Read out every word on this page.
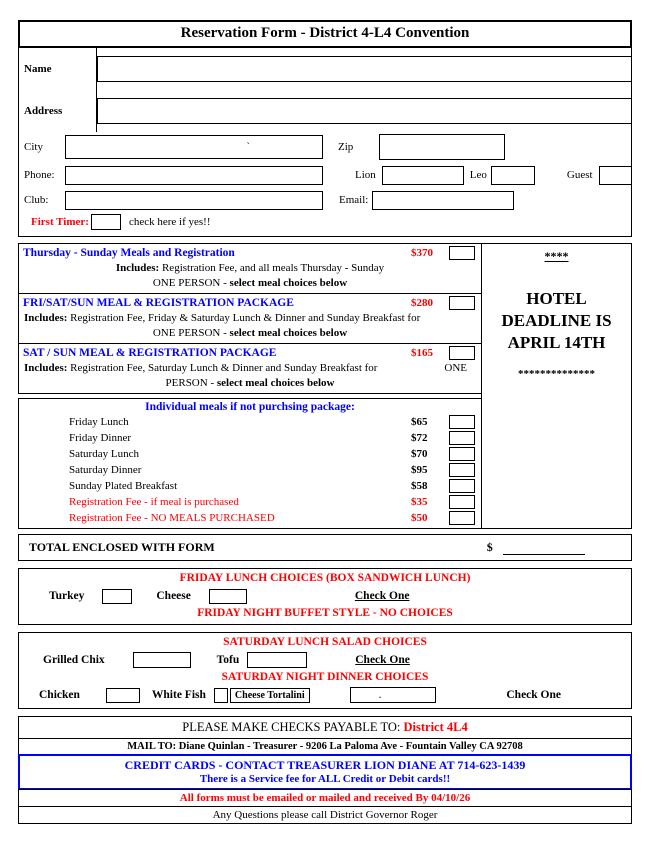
Reservation Form - District 4-L4 Convention
Name
Address
City	`	Zip
Phone:	Lion	Leo	Guest
Club:	Email:
First Timer:	check here if yes!!
Thursday - Sunday Meals and Registration	$370
Includes: Registration Fee, and all meals Thursday - Sunday
ONE PERSON - select meal choices below
FRI/SAT/SUN MEAL & REGISTRATION PACKAGE	$280
Includes: Registration Fee, Friday & Saturday Lunch & Dinner and Sunday Breakfast for
ONE PERSON - select meal choices below
SAT / SUN MEAL & REGISTRATION PACKAGE	$165
Includes: Registration Fee, Saturday Lunch & Dinner and Sunday Breakfast for	ONE
PERSON - select meal choices below
Individual meals if not purchsing package:
Friday Lunch	$65
Friday Dinner	$72
Saturday Lunch	$70
Saturday Dinner	$95
Sunday Plated Breakfast	$58
Registration Fee - if meal is purchased	$35
Registration Fee - NO MEALS PURCHASED	$50
****
HOTEL
DEADLINE IS
APRIL 14TH
**************
TOTAL ENCLOSED WITH FORM	$
FRIDAY LUNCH CHOICES (BOX SANDWICH LUNCH)
Turkey	Cheese	Check One
FRIDAY NIGHT BUFFET STYLE - NO CHOICES
SATURDAY LUNCH SALAD CHOICES
Grilled Chix	Tofu	Check One
SATURDAY NIGHT DINNER CHOICES
Chicken	White Fish	Cheese Tortalini	.	Check One
PLEASE MAKE CHECKS PAYABLE TO: District 4L4
MAIL TO: Diane Quinlan - Treasurer - 9206 La Paloma Ave - Fountain Valley CA 92708
CREDIT CARDS - CONTACT TREASURER LION DIANE AT 714-623-1439
There is a Service fee for ALL Credit or Debit cards!!
All forms must be emailed or mailed and received By 04/10/26
Any Questions please call District Governor Roger
